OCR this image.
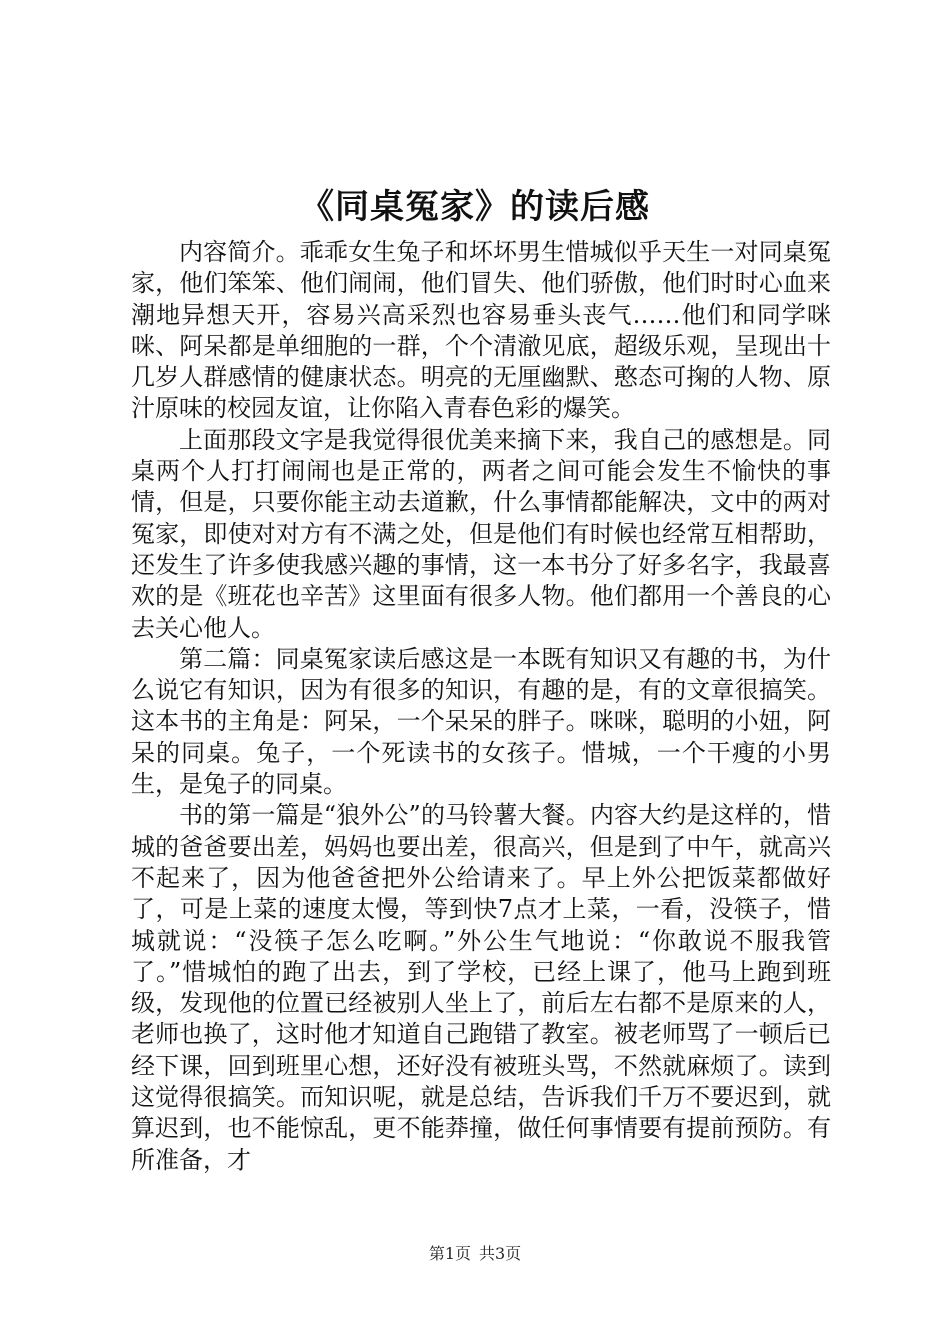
《同桌冤家》的读后感

内容简介。乖乖女生兔子和坏坏男生惜城似乎天生一对同桌冤家，他们笨笨、他们闹闹，他们冒失、他们骄傲，他们时时心血来潮地异想天开，容易兴高采烈也容易垂头丧气……他们和同学咪咪、阿呆都是单细胞的一群，个个清澈见底，超级乐观，呈现出十几岁人群感情的健康状态。明亮的无厘幽默、憨态可掬的人物、原汁原味的校园友谊，让你陷入青春色彩的爆笑。

上面那段文字是我觉得很优美来摘下来，我自己的感想是。同桌两个人打打闹闹也是正常的，两者之间可能会发生不愉快的事情，但是，只要你能主动去道歉，什么事情都能解决，文中的两对冤家，即使对对方有不满之处，但是他们有时候也经常互相帮助，还发生了许多使我感兴趣的事情，这一本书分了好多名字，我最喜欢的是《班花也辛苦》这里面有很多人物。他们都用一个善良的心去关心他人。

第二篇：同桌冤家读后感这是一本既有知识又有趣的书，为什么说它有知识，因为有很多的知识，有趣的是，有的文章很搞笑。这本书的主角是：阿呆，一个呆呆的胖子。咪咪，聪明的小妞，阿呆的同桌。兔子，一个死读书的女孩子。惜城，一个干瘦的小男生，是兔子的同桌。

书的第一篇是“狼外公”的马铃薯大餐。内容大约是这样的，惜城的爸爸要出差，妈妈也要出差，很高兴，但是到了中午，就高兴不起来了，因为他爸爸把外公给请来了。早上外公把饭菜都做好了，可是上菜的速度太慢，等到快7点才上菜，一看，没筷子，惜城就说：“没筷子怎么吃啊。”外公生气地说：“你敢说不服我管了。”惜城怕的跑了出去，到了学校，已经上课了，他马上跑到班级，发现他的位置已经被别人坐上了，前后左右都不是原来的人，老师也换了，这时他才知道自己跑错了教室。被老师骂了一顿后已经下课，回到班里心想，还好没有被班头骂，不然就麻烦了。读到这觉得很搞笑。而知识呢，就是总结，告诉我们千万不要迟到，就算迟到，也不能惊乱，更不能莽撞，做任何事情要有提前预防。有所准备，才

第1页 共3页
